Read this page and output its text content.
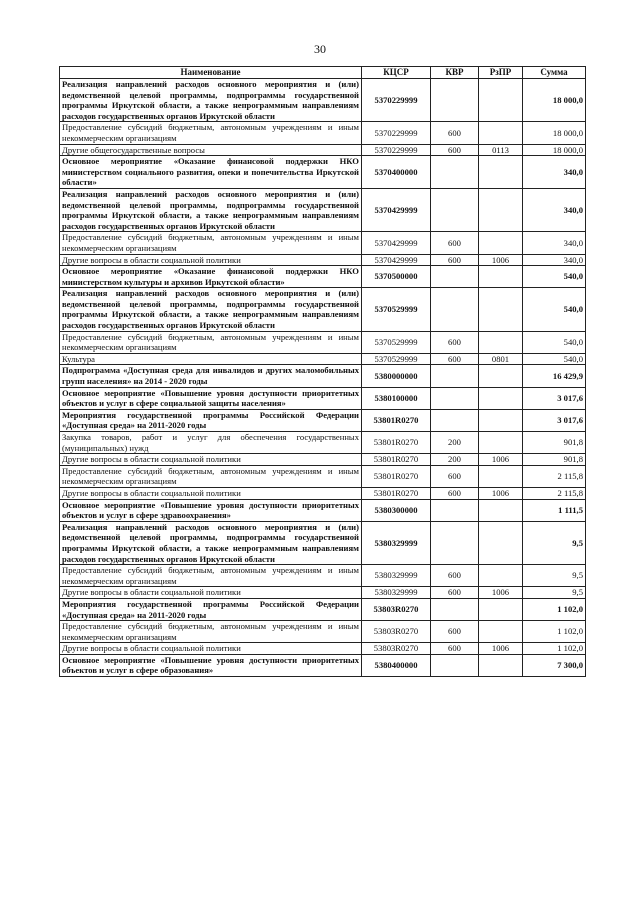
30
Наименование	КЦСР	КВР	РзПР	Сумма
Реализация направлений расходов основного мероприятия и (или) ведомственной целевой программы, подпрограммы государственной программы Иркутской области, а также непрограммным направлениям расходов государственных органов Иркутской области	5370229999			18 000,0
Предоставление субсидий бюджетным, автономным учреждениям и иным некоммерческим организациям	5370229999	600		18 000,0
Другие общегосударственные вопросы	5370229999	600	0113	18 000,0
Основное мероприятие «Оказание финансовой поддержки НКО министерством социального развития, опеки и попечительства Иркутской области»	5370400000			340,0
Реализация направлений расходов основного мероприятия и (или) ведомственной целевой программы, подпрограммы государственной программы Иркутской области, а также непрограммным направлениям расходов государственных органов Иркутской области	5370429999			340,0
Предоставление субсидий бюджетным, автономным учреждениям и иным некоммерческим организациям	5370429999	600		340,0
Другие вопросы в области социальной политики	5370429999	600	1006	340,0
Основное мероприятие «Оказание финансовой поддержки НКО министерством культуры и архивов Иркутской области»	5370500000			540,0
Реализация направлений расходов основного мероприятия и (или) ведомственной целевой программы, подпрограммы государственной программы Иркутской области, а также непрограммным направлениям расходов государственных органов Иркутской области	5370529999			540,0
Предоставление субсидий бюджетным, автономным учреждениям и иным некоммерческим организациям	5370529999	600		540,0
Культура	5370529999	600	0801	540,0
Подпрограмма «Доступная среда для инвалидов и других маломобильных групп населения» на 2014 - 2020 годы	5380000000			16 429,9
Основное мероприятие «Повышение уровня доступности приоритетных объектов и услуг в сфере социальной защиты населения»	5380100000			3 017,6
Мероприятия государственной программы Российской Федерации «Доступная среда» на 2011-2020 годы	53801R0270			3 017,6
Закупка товаров, работ и услуг для обеспечения государственных (муниципальных) нужд	53801R0270	200		901,8
Другие вопросы в области социальной политики	53801R0270	200	1006	901,8
Предоставление субсидий бюджетным, автономным учреждениям и иным некоммерческим организациям	53801R0270	600		2 115,8
Другие вопросы в области социальной политики	53801R0270	600	1006	2 115,8
Основное мероприятие «Повышение уровня доступности приоритетных объектов и услуг в сфере здравоохранения»	5380300000			1 111,5
Реализация направлений расходов основного мероприятия и (или) ведомственной целевой программы, подпрограммы государственной программы Иркутской области, а также непрограммным направлениям расходов государственных органов Иркутской области	5380329999			9,5
Предоставление субсидий бюджетным, автономным учреждениям и иным некоммерческим организациям	5380329999	600		9,5
Другие вопросы в области социальной политики	5380329999	600	1006	9,5
Мероприятия государственной программы Российской Федерации «Доступная среда» на 2011-2020 годы	53803R0270			1 102,0
Предоставление субсидий бюджетным, автономным учреждениям и иным некоммерческим организациям	53803R0270	600		1 102,0
Другие вопросы в области социальной политики	53803R0270	600	1006	1 102,0
Основное мероприятие «Повышение уровня доступности приоритетных объектов и услуг в сфере образования»	5380400000			7 300,0
